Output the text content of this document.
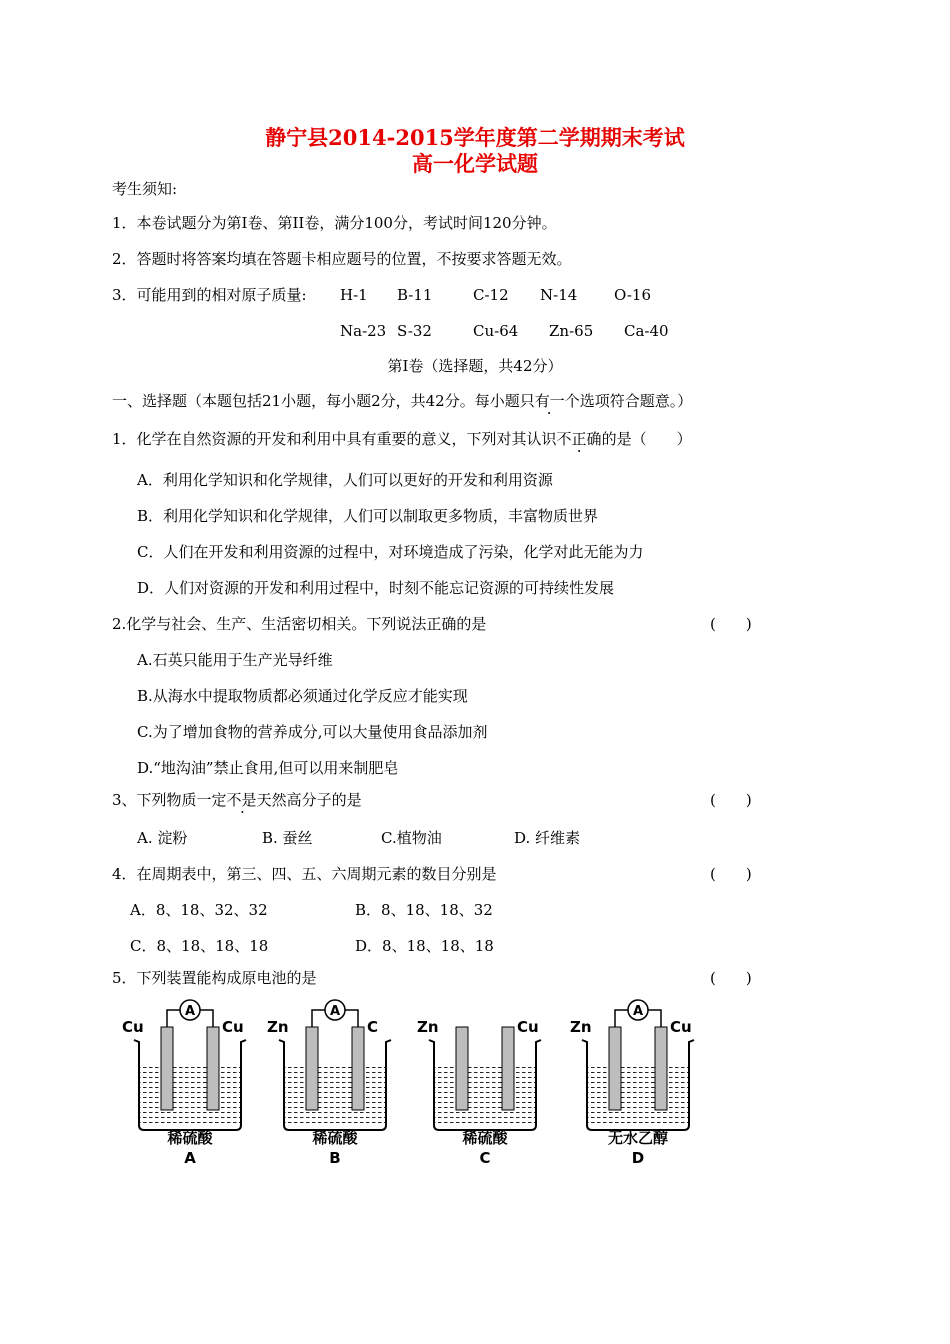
静宁县2014-2015学年度第二学期期末考试
高一化学试题
考生须知:
1．本卷试题分为第Ⅰ卷、第II卷，满分100分，考试时间120分钟。
2．答题时将答案均填在答题卡相应题号的位置，不按要求答题无效。
3．可能用到的相对原子质量: H-1 B-11	C-12 N-14 O-16
Na-23 S-32	Cu-64 Zn-65 Ca-40
第Ⅰ卷（选择题，共42分）
一、选择题（本题包括21小题，每小题2分，共42分。每小题只有一个选项符合题意。）
1．化学在自然资源的开发和利用中具有重要的意义，下列对其认识不正确的是（　　）
A．利用化学知识和化学规律，人们可以更好的开发和利用资源
B．利用化学知识和化学规律，人们可以制取更多物质，丰富物质世界
C．人们在开发和利用资源的过程中，对环境造成了污染，化学对此无能为力
D．人们对资源的开发和利用过程中，时刻不能忘记资源的可持续性发展
2.化学与社会、生产、生活密切相关。下列说法正确的是	(　　)
A.石英只能用于生产光导纤维
B.从海水中提取物质都必须通过化学反应才能实现
C.为了增加食物的营养成分,可以大量使用食品添加剂
D.“地沟油”禁止食用,但可以用来制肥皂
3、下列物质一定不是天然高分子的是	(　　)
A. 淀粉	B. 蚕丝	C.植物油	D. 纤维素
4．在周期表中，第三、四、五、六周期元素的数目分别是	(　　)
A．8、18、32、32	B．8、18、18、32
C．8、18、18、18	D．8、18、18、18
5．下列装置能构成原电池的是	(　　)
Cu	Cu
A
稀硫酸
A
Zn	C
A
稀硫酸
B
Zn	Cu
稀硫酸
C
Zn	Cu
A
无水乙醇
D
